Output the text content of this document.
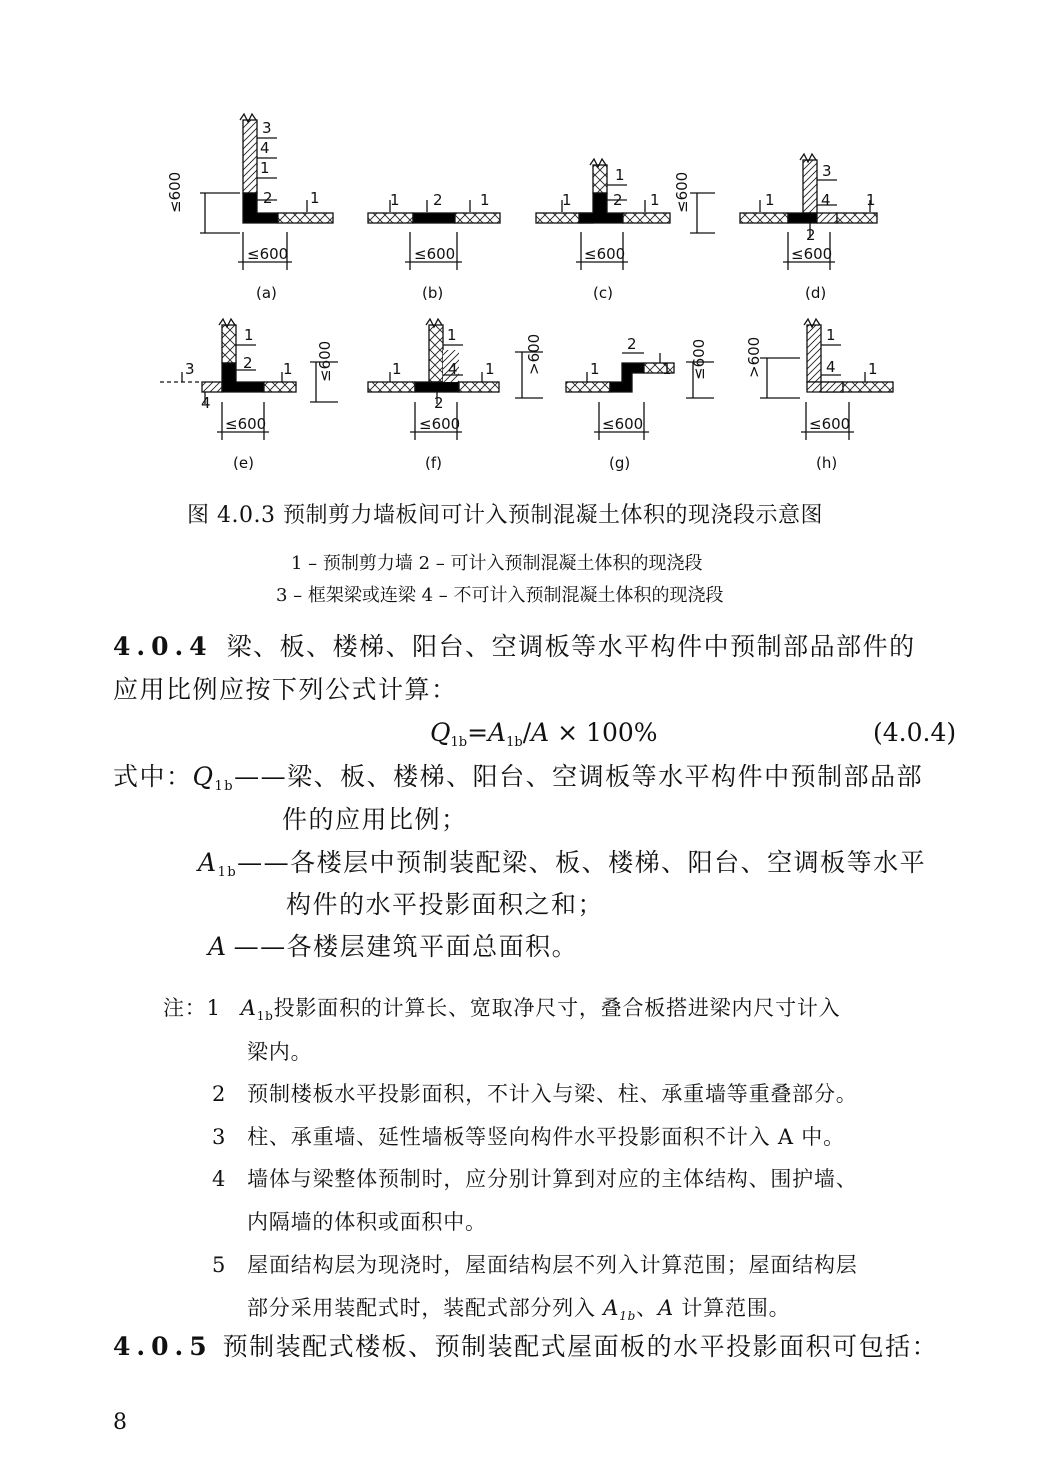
(a)
≤600
≤600
3
4
1
2 1
(b)
≤600
1 2 1
(c)
≤600
1
1	2 1
(d)
≤600
≤600
3
1	4 1
2
(e)
≤600
≤600
1
3	2 1
4
(f)
≤600
1
1	4 1
2
(g)
>600	≤600
≤600
2
1	1
(h)
>600
≤600
1
4 1
图 4.0.3 预制剪力墙板间可计入预制混凝土体积的现浇段示意图
1 – 预制剪力墙 2 – 可计入预制混凝土体积的现浇段
3 – 框架梁或连梁 4 – 不可计入预制混凝土体积的现浇段
4.0.4 梁、板、楼梯、阳台、空调板等水平构件中预制部品部件的
应用比例应按下列公式计算：
$Q_{1b}=A_{1b}/A \times 100\%$	(4.0.4)
式中：$Q_{1b}——$梁、板、楼梯、阳台、空调板等水平构件中预制部品部
件的应用比例；
$A_{1b}——$各楼层中预制装配梁、板、楼梯、阳台、空调板等水平
构件的水平投影面积之和；
A ——各楼层建筑平面总面积。
注：1 $A_{1b}$投影面积的计算长、宽取净尺寸，叠合板搭进梁内尺寸计入
梁内。
2 预制楼板水平投影面积，不计入与梁、柱、承重墙等重叠部分。
3 柱、承重墙、延性墙板等竖向构件水平投影面积不计入 A 中。
4 墙体与梁整体预制时，应分别计算到对应的主体结构、围护墙、
内隔墙的体积或面积中。
5 屋面结构层为现浇时，屋面结构层不列入计算范围；屋面结构层
部分采用装配式时，装配式部分列入 $A_{1b}$、A 计算范围。
4.0.5 预制装配式楼板、预制装配式屋面板的水平投影面积可包括：
8
